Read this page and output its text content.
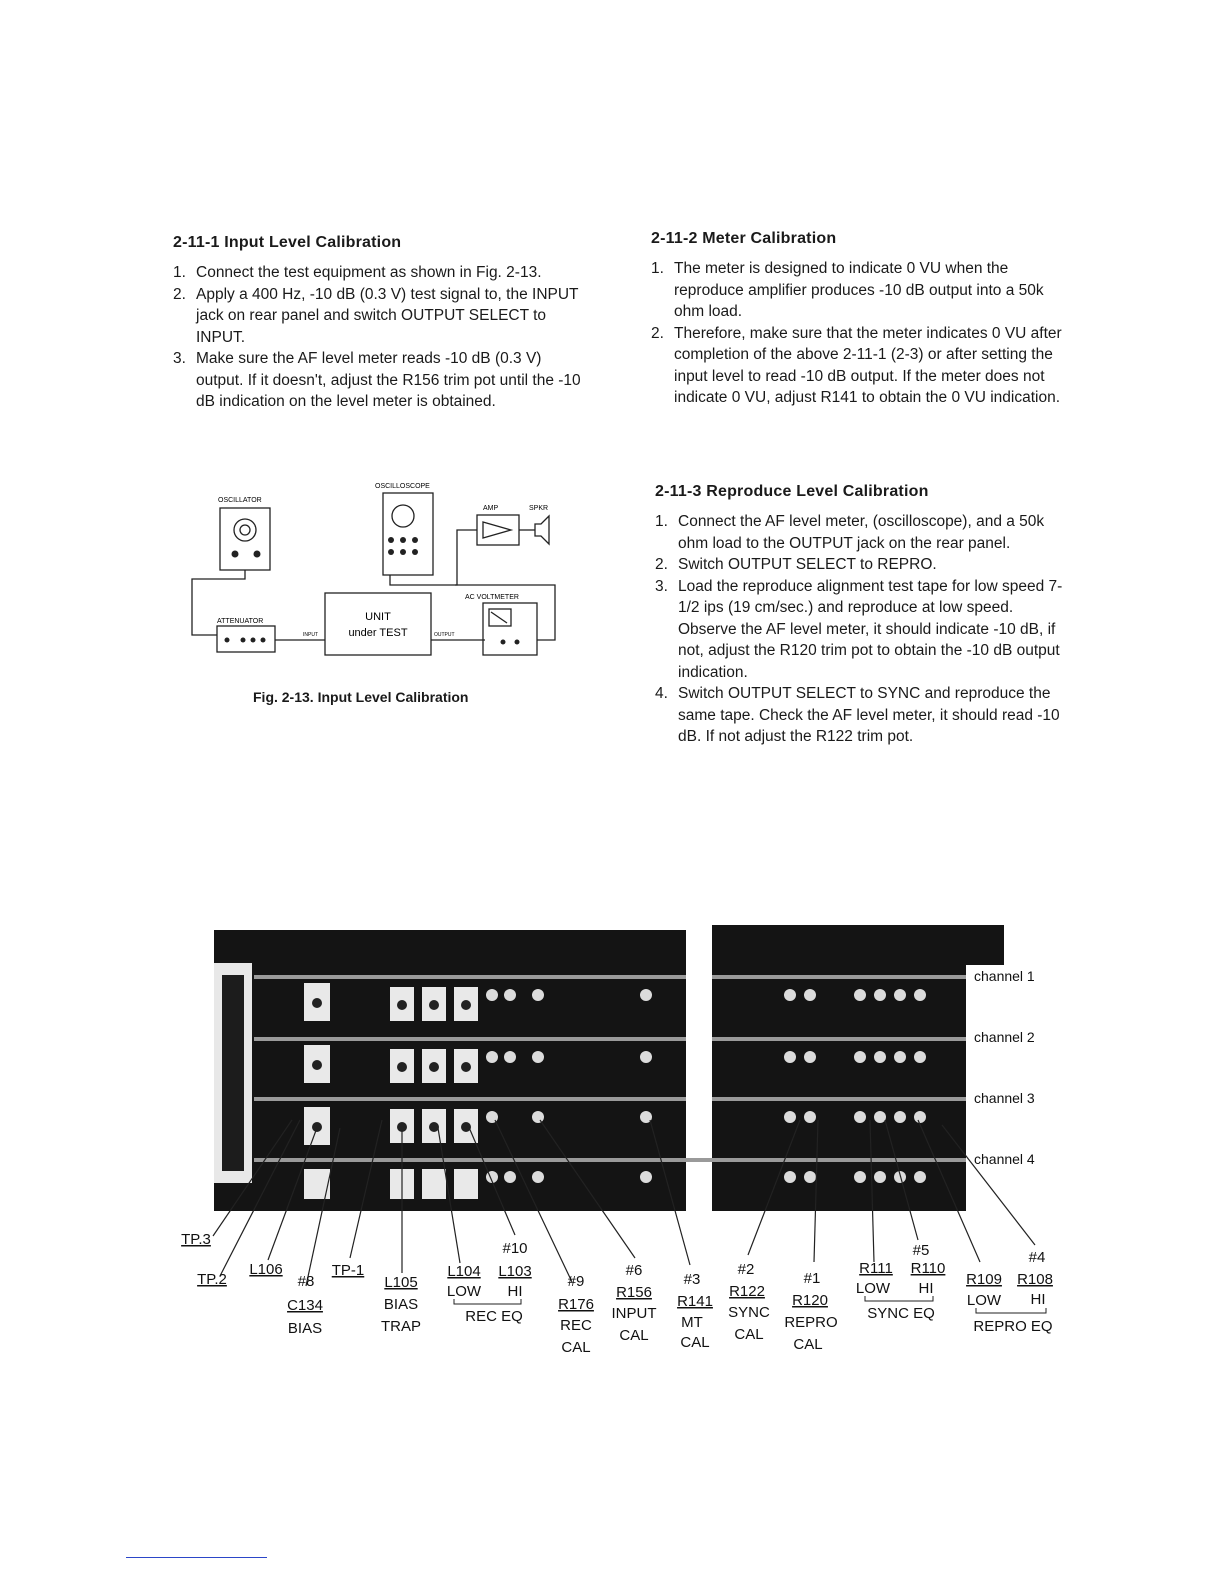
2-11-1 Input Level Calibration
1. Connect the test equipment as shown in Fig. 2-13.
2. Apply a 400 Hz, -10 dB (0.3 V) test signal to, the INPUT jack on rear panel and switch OUTPUT SELECT to INPUT.
3. Make sure the AF level meter reads -10 dB (0.3 V) output. If it doesn't, adjust the R156 trim pot until the -10 dB indication on the level meter is obtained.
OSCILLATOR
OSCILLOSCOPE
AMP	SPKR
AC VOLTMETER
ATTENUATOR	UNIT
under TEST
INPUT	OUTPUT
Fig. 2-13. Input Level Calibration
2-11-2 Meter Calibration
1. The meter is designed to indicate 0 VU when the reproduce amplifier produces -10 dB output into a 50k ohm load.
2. Therefore, make sure that the meter indicates 0 VU after completion of the above 2-11-1 (2-3) or after setting the input level to read -10 dB output. If the meter does not indicate 0 VU, adjust R141 to obtain the 0 VU indication.
2-11-3 Reproduce Level Calibration
1. Connect the AF level meter, (oscilloscope), and a 50k ohm load to the OUTPUT jack on the rear panel.
2. Switch OUTPUT SELECT to REPRO.
3. Load the reproduce alignment test tape for low speed 7-1/2 ips (19 cm/sec.) and reproduce at low speed. Observe the AF level meter, it should indicate -10 dB, if not, adjust the R120 trim pot to obtain the -10 dB output indication.
4. Switch OUTPUT SELECT to SYNC and reproduce the same tape. Check the AF level meter, it should read -10 dB. If not adjust the R122 trim pot.
channel 1
channel 2
channel 3
channel 4
TP.3
TP.2
L106
#8
C134
BIAS
TP-1
L105
BIAS
TRAP
#10
L104 L103
LOW HI
REC EQ
#9
R176
REC
CAL
#6
R156
INPUT
CAL
#3
R141
MT
CAL
#2
R122
SYNC
CAL
#1
R120
REPRO
CAL
#5
R111 R110
LOW HI
SYNC EQ
#4
R109 R108
LOW HI
REPRO EQ
